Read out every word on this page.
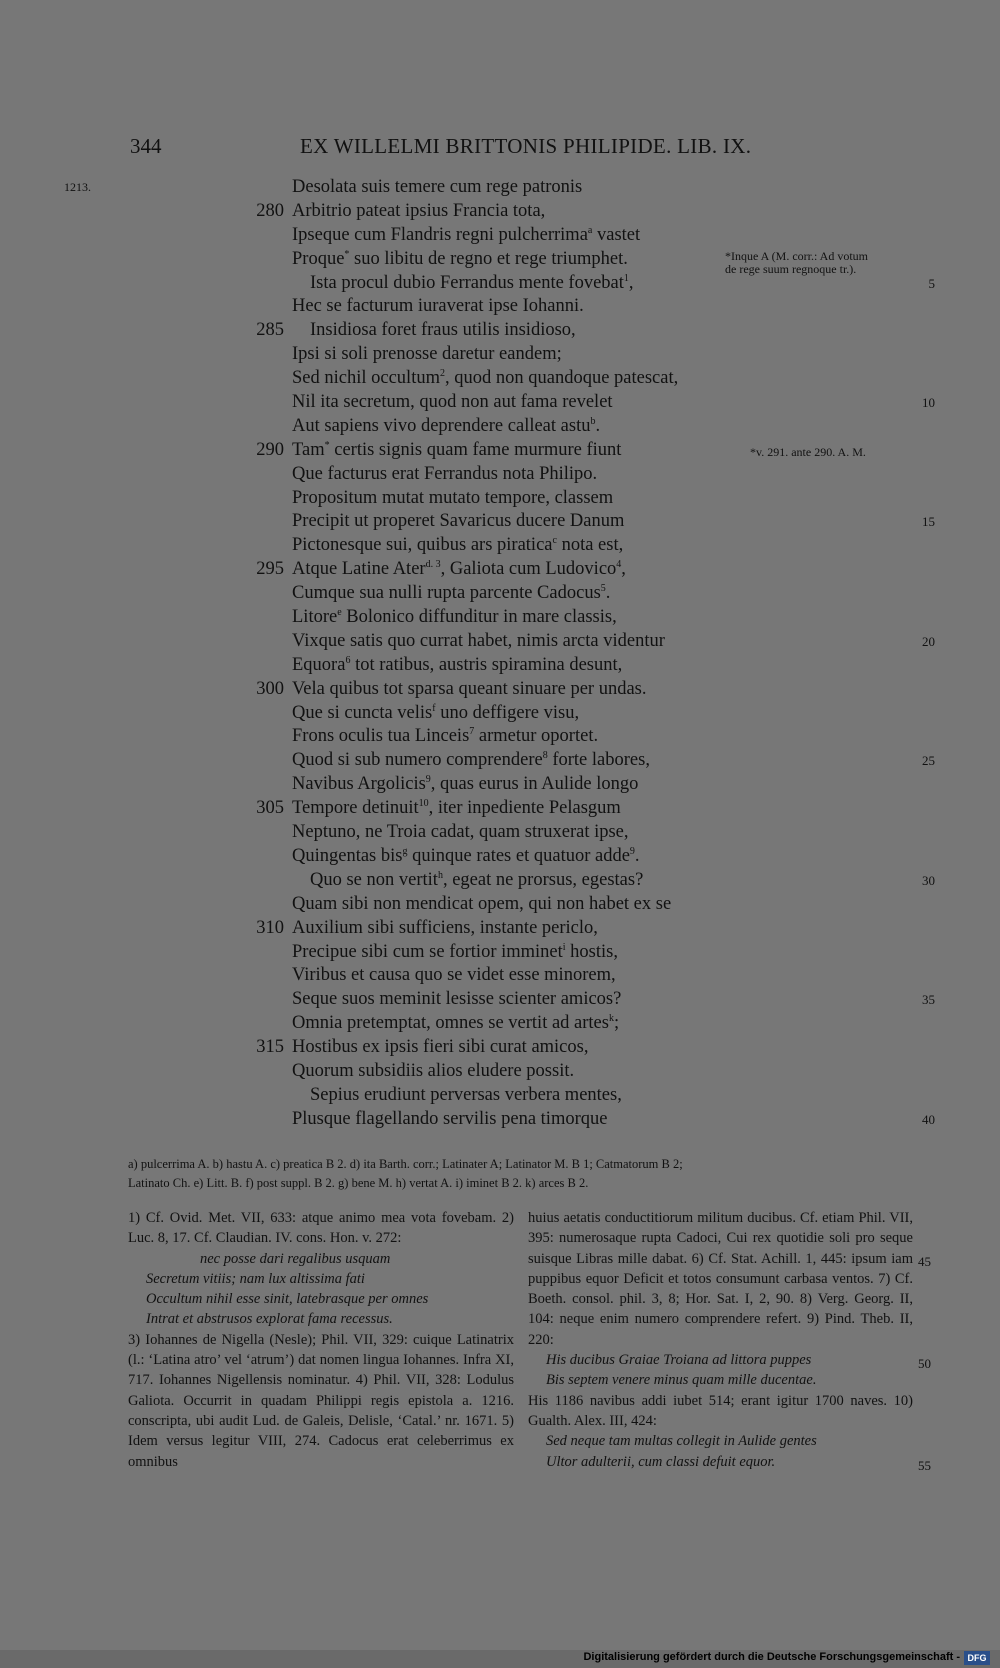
344	EX WILLELMI BRITTONIS PHILIPIDE. LIB. IX.
1213.	Desolata suis temere cum rege patronis
280 Arbitrio pateat ipsius Francia tota,
Ipseque cum Flandris regni pulcherrima$^a$ vastet
Proque* suo libitu de regno et rege triumphet.
Ista procul dubio Ferrandus mente fovebat$^1$,	5
Hec se facturum iuraverat ipse Iohanni.
285 Insidiosa foret fraus utilis insidioso,
Ipsi si soli prenosse daretur eandem;
Sed nichil occultum$^2$, quod non quandoque patescat,
Nil ita secretum, quod non aut fama revelet	10
Aut sapiens vivo deprendere calleat astu$^b$.
290 Tam* certis signis quam fame murmure fiunt
Que facturus erat Ferrandus nota Philipo.
Propositum mutat mutato tempore, classem
Precipit ut properet Savaricus ducere Danum	15
Pictonesque sui, quibus ars piratica$^c$ nota est,
295 Atque Latine Ater$^{d. 3}$, Galiota cum Ludovico$^4$,
Cumque sua nulli rupta parcente Cadocus$^5$.
Litore$^e$ Bolonico diffunditur in mare classis,
Vixque satis quo currat habet, nimis arcta videntur	20
Equora$^6$ tot ratibus, austris spiramina desunt,
300 Vela quibus tot sparsa queant sinuare per undas.
Que si cuncta velis$^f$ uno deffigere visu,
Frons oculis tua Linceis$^7$ armetur oportet.
Quod si sub numero comprendere$^8$ forte labores,	25
Navibus Argolicis$^9$, quas eurus in Aulide longo
305 Tempore detinuit$^{10}$, iter inpediente Pelasgum
Neptuno, ne Troia cadat, quam struxerat ipse,
Quingentas bis$^g$ quinque rates et quatuor adde$^9$.
Quo se non vertit$^h$, egeat ne prorsus, egestas?	30
Quam sibi non mendicat opem, qui non habet ex se
310 Auxilium sibi sufficiens, instante periclo,
Precipue sibi cum se fortior imminet$^i$ hostis,
Viribus et causa quo se videt esse minorem,
Seque suos meminit lesisse scienter amicos?	35
Omnia pretemptat, omnes se vertit ad artes$^k$;
315 Hostibus ex ipsis fieri sibi curat amicos,
Quorum subsidiis alios eludere possit.
Sepius erudiunt perversas verbera mentes,
Plusque flagellando servilis pena timorque	40
*Inque A (M. corr.: Ad votum
de rege suum regnoque tr.).
*v. 291. ante 290. A. M.
a) pulcerrima A. b) hastu A. c) preatica B 2. d) ita Barth. corr.; Latinater A; Latinator M. B 1; Catmatorum B 2;
Latinato Ch. e) Litt. B. f) post suppl. B 2. g) bene M. h) vertat A. i) iminet B 2. k) arces B 2.

1) Cf. Ovid. Met. VII, 633: atque animo mea vota fovebam. 2) Luc. 8, 17. Cf. Claudian. IV. cons. Hon. v. 272:

nec posse dari regalibus usquam

Secretum vitiis; nam lux altissima fati

Occultum nihil esse sinit, latebrasque per omnes

Intrat et abstrusos explorat fama recessus.

3) Iohannes de Nigella (Nesle); Phil. VII, 329: cuique Latinatrix (l.: ‘Latina atro’ vel ‘atrum’) dat nomen lingua Iohannes. Infra XI, 717. Iohannes Nigellensis nominatur. 4) Phil. VII, 328: Lodulus Galiota. Occurrit in quadam Philippi regis epistola a. 1216. conscripta, ubi audit Lud. de Galeis, Delisle, ‘Catal.’ nr. 1671. 5) Idem versus legitur VIII, 274. Cadocus erat celeberrimus ex omnibus

huius aetatis conductitiorum militum ducibus. Cf. etiam Phil. VII, 395: numerosaque rupta Cadoci, Cui rex quotidie soli pro seque suisque Libras mille dabat. 6) Cf. Stat. Achill. 1, 445: ipsum iam puppibus equor Deficit et totos consumunt carbasa ventos. 7) Cf. Boeth. consol. phil. 3, 8; Hor. Sat. I, 2, 90. 8) Verg. Georg. II, 104: neque enim numero comprendere refert. 9) Pind. Theb. II, 220:

His ducibus Graiae Troiana ad littora puppes

Bis septem venere minus quam mille ducentae.

His 1186 navibus addi iubet 514; erant igitur 1700 naves. 10) Gualth. Alex. III, 424:

Sed neque tam multas collegit in Aulide gentes

Ultor adulterii, cum classi defuit equor.

45
50
55
Digitalisierung gefördert durch die Deutsche Forschungsgemeinschaft - DFG
